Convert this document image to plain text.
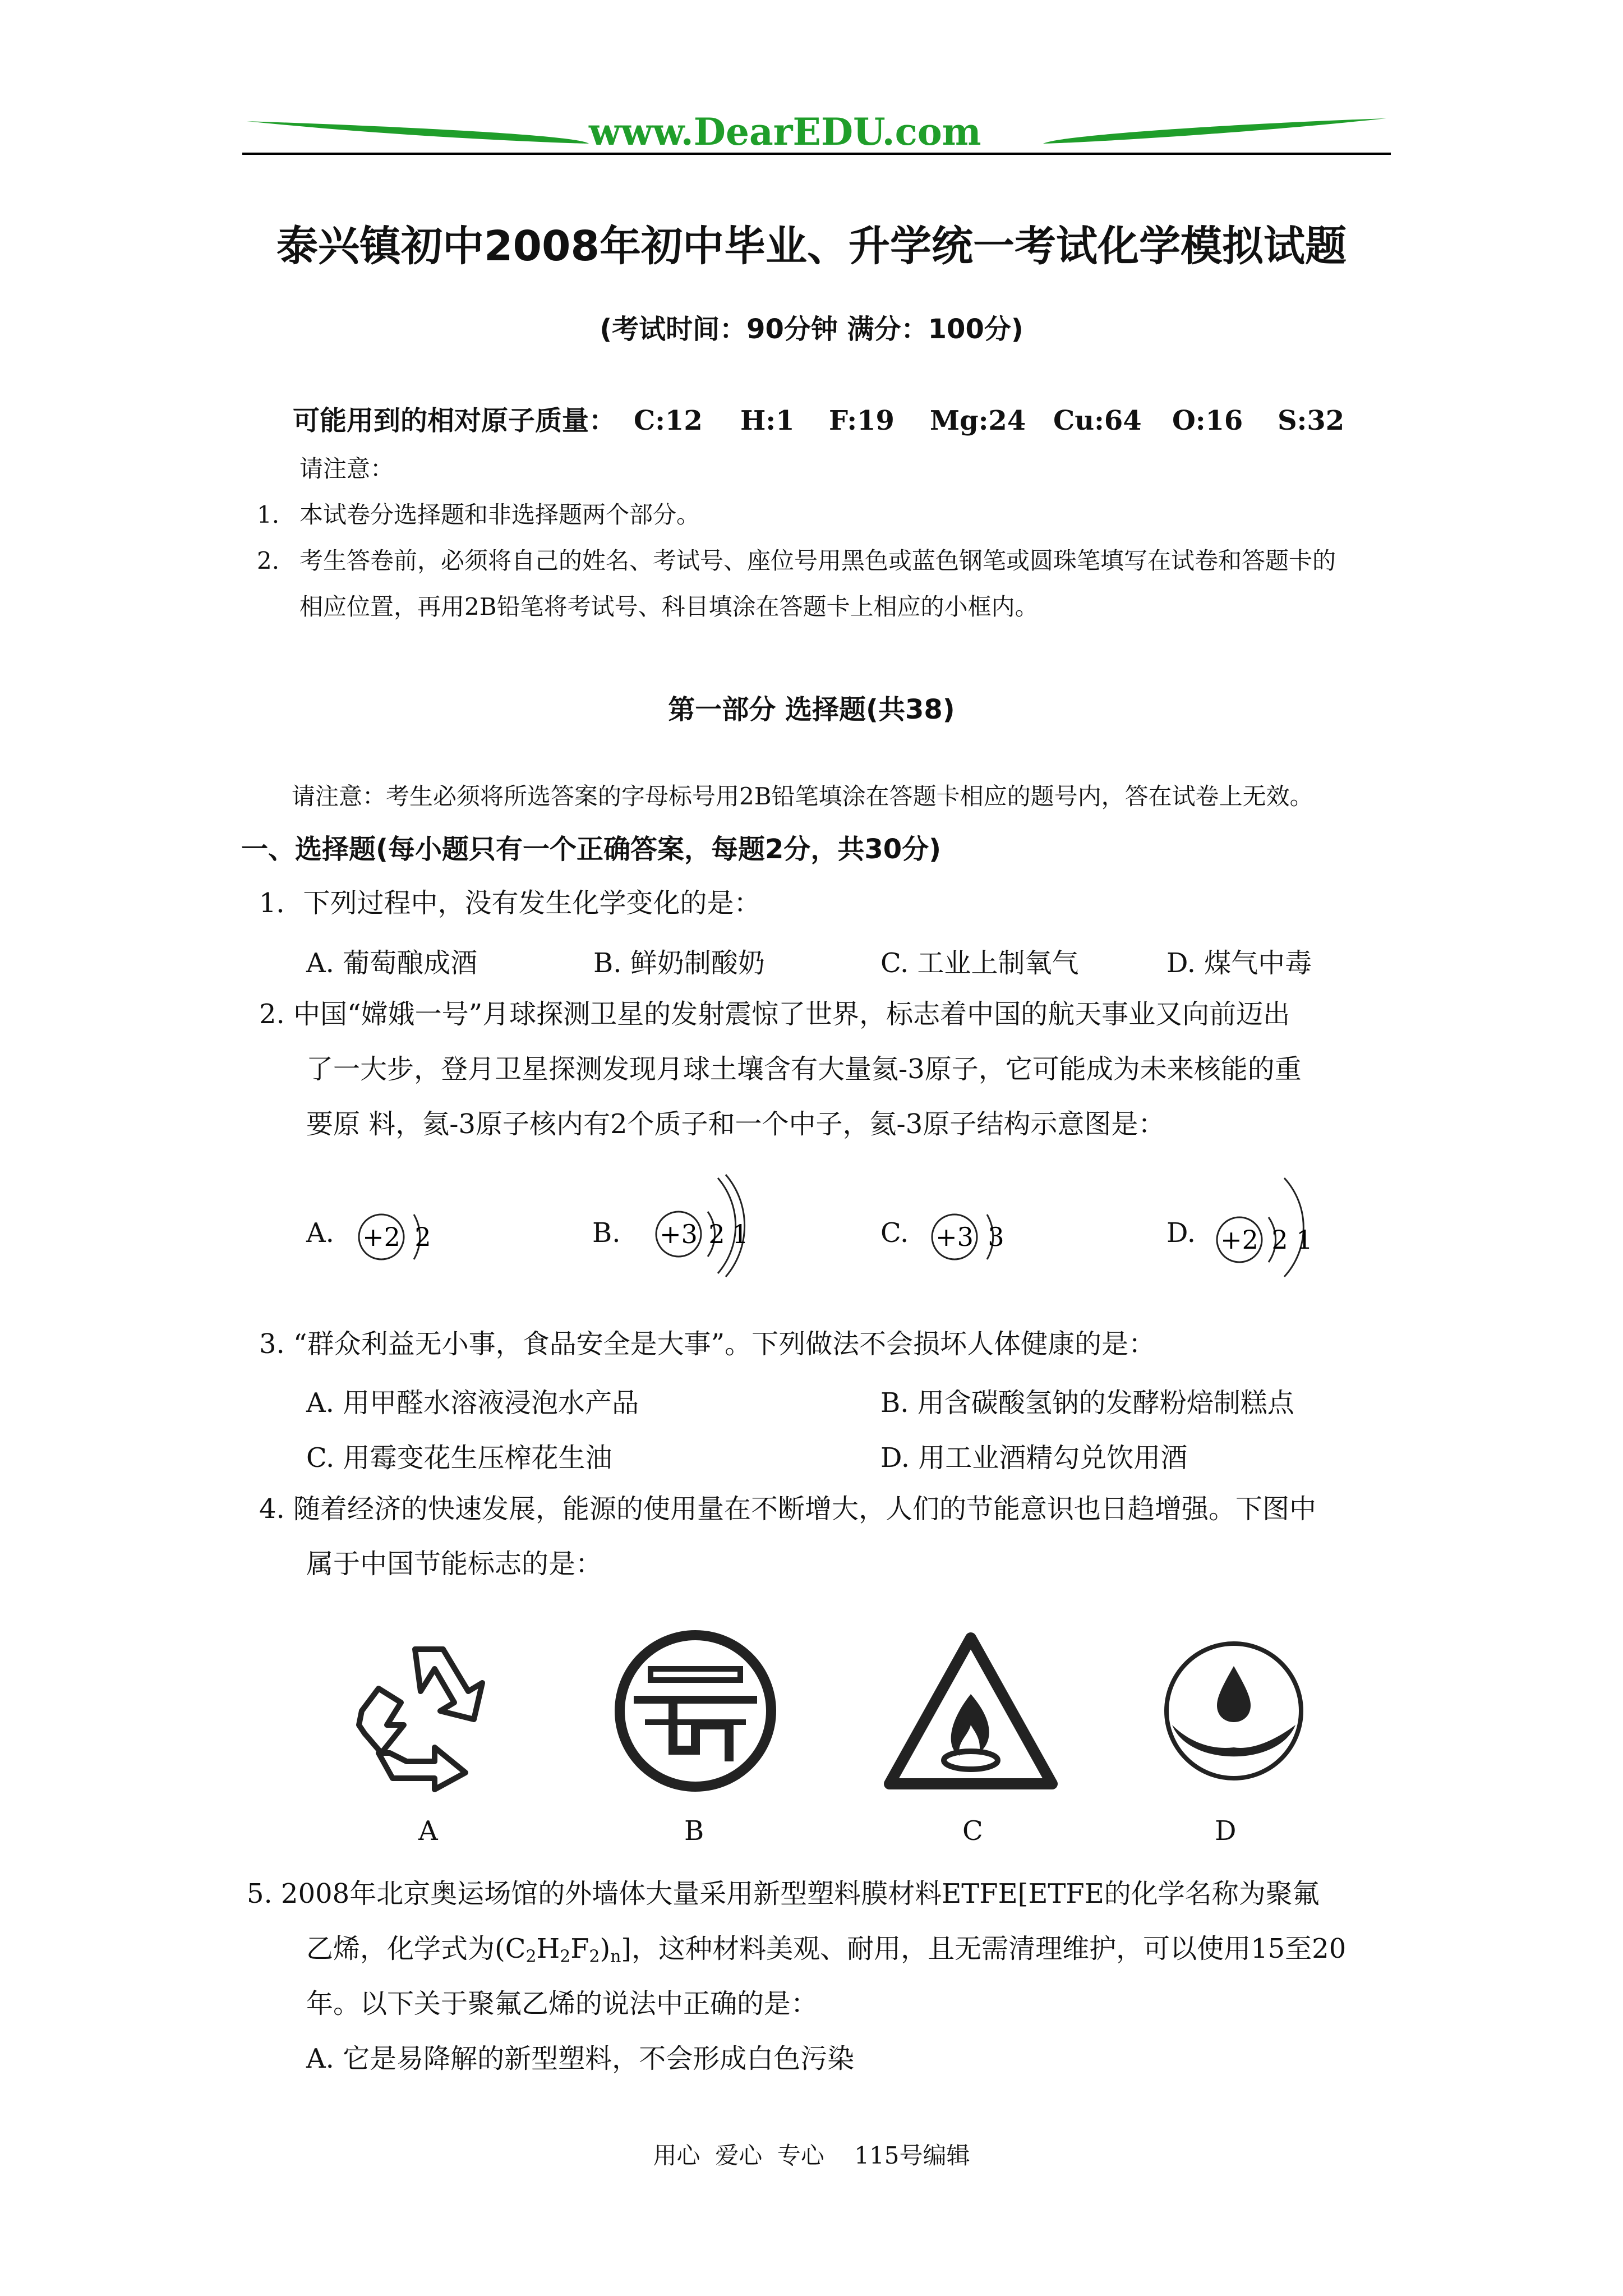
www.DearEDU.com
泰兴镇初中2008年初中毕业、升学统一考试化学模拟试题
(考试时间：90分钟 满分：100分)
可能用到的相对原子质量： C:12 H:1 F:19 Mg:24 Cu:64 O:16 S:32
请注意：
1. 本试卷分选择题和非选择题两个部分。
2. 考生答卷前，必须将自己的姓名、考试号、座位号用黑色或蓝色钢笔或圆珠笔填写在试卷和答题卡的
相应位置，再用2B铅笔将考试号、科目填涂在答题卡上相应的小框内。
第一部分 选择题(共38)
请注意：考生必须将所选答案的字母标号用2B铅笔填涂在答题卡相应的题号内，答在试卷上无效。
一、选择题(每小题只有一个正确答案，每题2分，共30分)
1．下列过程中，没有发生化学变化的是：
A. 葡萄酿成酒	B. 鲜奶制酸奶	C. 工业上制氧气	D. 煤气中毒
2. 中国“嫦娥一号”月球探测卫星的发射震惊了世界，标志着中国的航天事业又向前迈出
了一大步，登月卫星探测发现月球土壤含有大量氦-3原子，它可能成为未来核能的重
要原 料，氦-3原子核内有2个质子和一个中子，氦-3原子结构示意图是：
A. +2 2	B. +3 2 1	C. +3 3	D. +2 2 1
3. “群众利益无小事，食品安全是大事”。下列做法不会损坏人体健康的是：
A. 用甲醛水溶液浸泡水产品	B. 用含碳酸氢钠的发酵粉焙制糕点
C. 用霉变花生压榨花生油	D. 用工业酒精勾兑饮用酒
4. 随着经济的快速发展，能源的使用量在不断增大，人们的节能意识也日趋增强。下图中
属于中国节能标志的是：
A	B	C	D
5. 2008年北京奥运场馆的外墙体大量采用新型塑料膜材料ETFE[ETFE的化学名称为聚氟
乙烯，化学式为$(C_2H_2F_2)_n$]，这种材料美观、耐用，且无需清理维护，可以使用15至20
年。以下关于聚氟乙烯的说法中正确的是：
A. 它是易降解的新型塑料，不会形成白色污染
用心  爱心  专心    115号编辑
